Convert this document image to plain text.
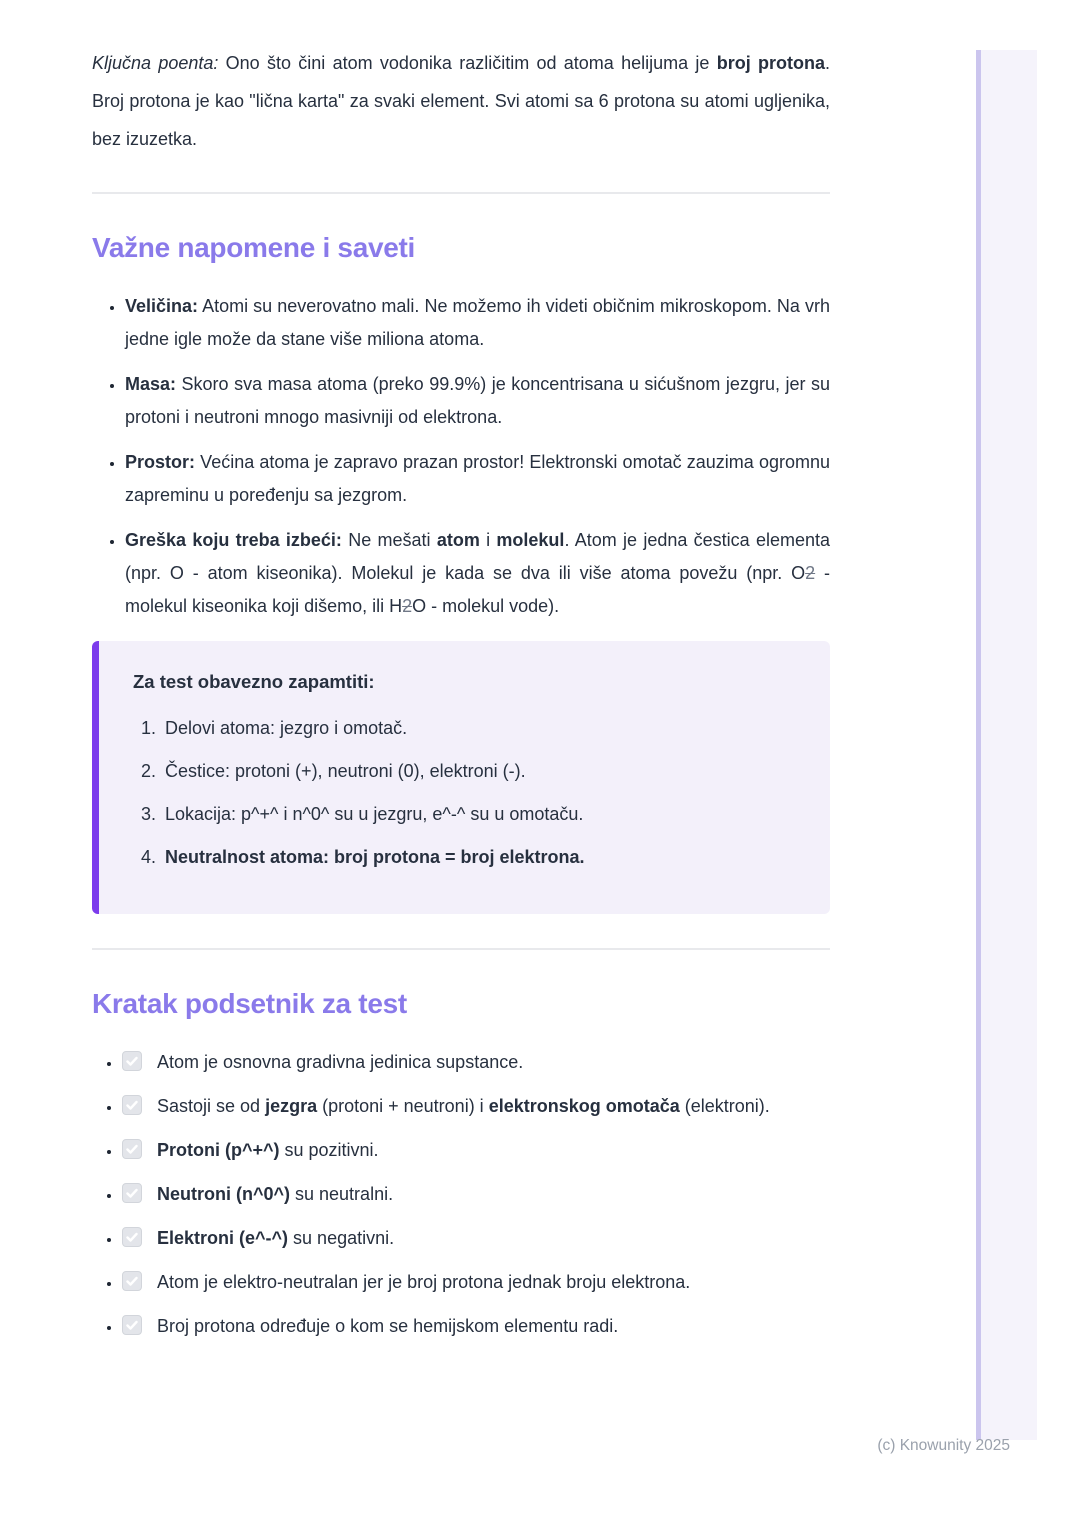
Ključna poenta: Ono što čini atom vodonika različitim od atoma helijuma je broj protona. Broj protona je kao "lična karta" za svaki element. Svi atomi sa 6 protona su atomi ugljenika, bez izuzetka.

Važne napomene i saveti
• Veličina: Atomi su neverovatno mali. Ne možemo ih videti običnim mikroskopom. Na vrh jedne igle može da stane više miliona atoma.
• Masa: Skoro sva masa atoma (preko 99.9%) je koncentrisana u sićušnom jezgru, jer su protoni i neutroni mnogo masivniji od elektrona.
• Prostor: Većina atoma je zapravo prazan prostor! Elektronski omotač zauzima ogromnu zapreminu u poređenju sa jezgrom.
• Greška koju treba izbeći: Ne mešati atom i molekul. Atom je jedna čestica elementa (npr. O - atom kiseonika). Molekul je kada se dva ili više atoma povežu (npr. O2 - molekul kiseonika koji dišemo, ili H2O - molekul vode).

Za test obavezno zapamtiti:

1. Delovi atoma: jezgro i omotač.
2. Čestice: protoni (+), neutroni (0), elektroni (-).
3. Lokacija: p^+^ i n^0^ su u jezgru, e^-^ su u omotaču.
4. Neutralnost atoma: broj protona = broj elektrona.
Kratak podsetnik za test
• Atom je osnovna gradivna jedinica supstance.
• Sastoji se od jezgra (protoni + neutroni) i elektronskog omotača (elektroni).
• Protoni (p^+^) su pozitivni.
• Neutroni (n^0^) su neutralni.
• Elektroni (e^-^) su negativni.
• Atom je elektro-neutralan jer je broj protona jednak broju elektrona.
• Broj protona određuje o kom se hemijskom elementu radi.
(c) Knowunity 2025
